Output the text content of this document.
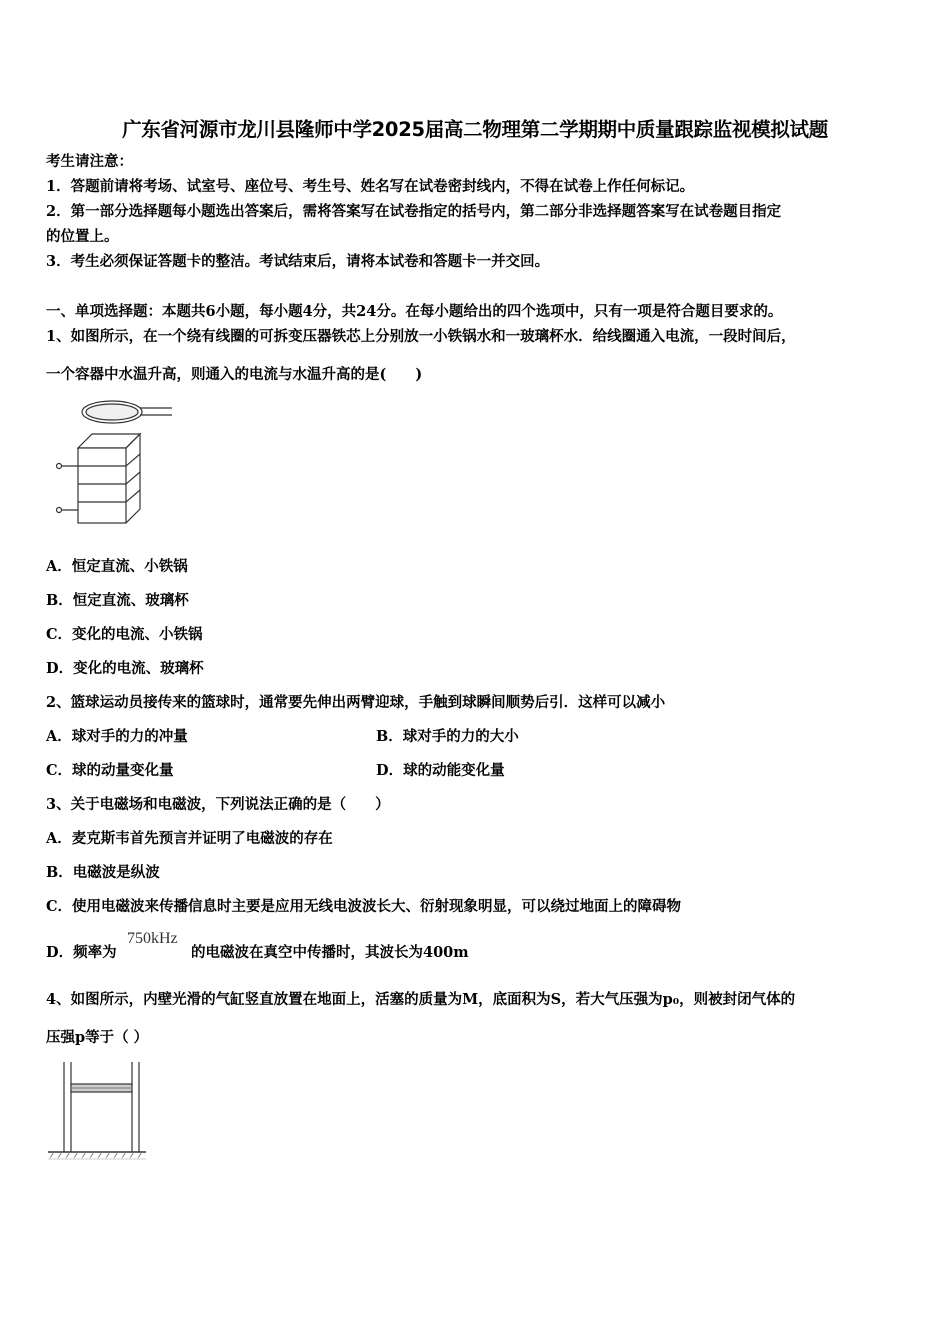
广东省河源市龙川县隆师中学2025届高二物理第二学期期中质量跟踪监视模拟试题
考生请注意：
1．答题前请将考场、试室号、座位号、考生号、姓名写在试卷密封线内，不得在试卷上作任何标记。
2．第一部分选择题每小题选出答案后，需将答案写在试卷指定的括号内，第二部分非选择题答案写在试卷题目指定
的位置上。
3．考生必须保证答题卡的整洁。考试结束后，请将本试卷和答题卡一并交回。
一、单项选择题：本题共6小题，每小题4分，共24分。在每小题给出的四个选项中，只有一项是符合题目要求的。
1、如图所示，在一个绕有线圈的可拆变压器铁芯上分别放一小铁锅水和一玻璃杯水．给线圈通入电流，一段时间后，
一个容器中水温升高，则通入的电流与水温升高的是(　　)
A．恒定直流、小铁锅
B．恒定直流、玻璃杯
C．变化的电流、小铁锅
D．变化的电流、玻璃杯
2、篮球运动员接传来的篮球时，通常要先伸出两臂迎球，手触到球瞬间顺势后引．这样可以减小
A．球对手的力的冲量	B．球对手的力的大小
C．球的动量变化量	D．球的动能变化量
3、关于电磁场和电磁波，下列说法正确的是（　　）
A．麦克斯韦首先预言并证明了电磁波的存在
B．电磁波是纵波
C．使用电磁波来传播信息时主要是应用无线电波波长大、衍射现象明显，可以绕过地面上的障碍物
D．频率为
750kHz
的电磁波在真空中传播时，其波长为400m
4、如图所示，内壁光滑的气缸竖直放置在地面上，活塞的质量为M，底面积为S，若大气压强为p₀，则被封闭气体的
压强p等于（ ）
